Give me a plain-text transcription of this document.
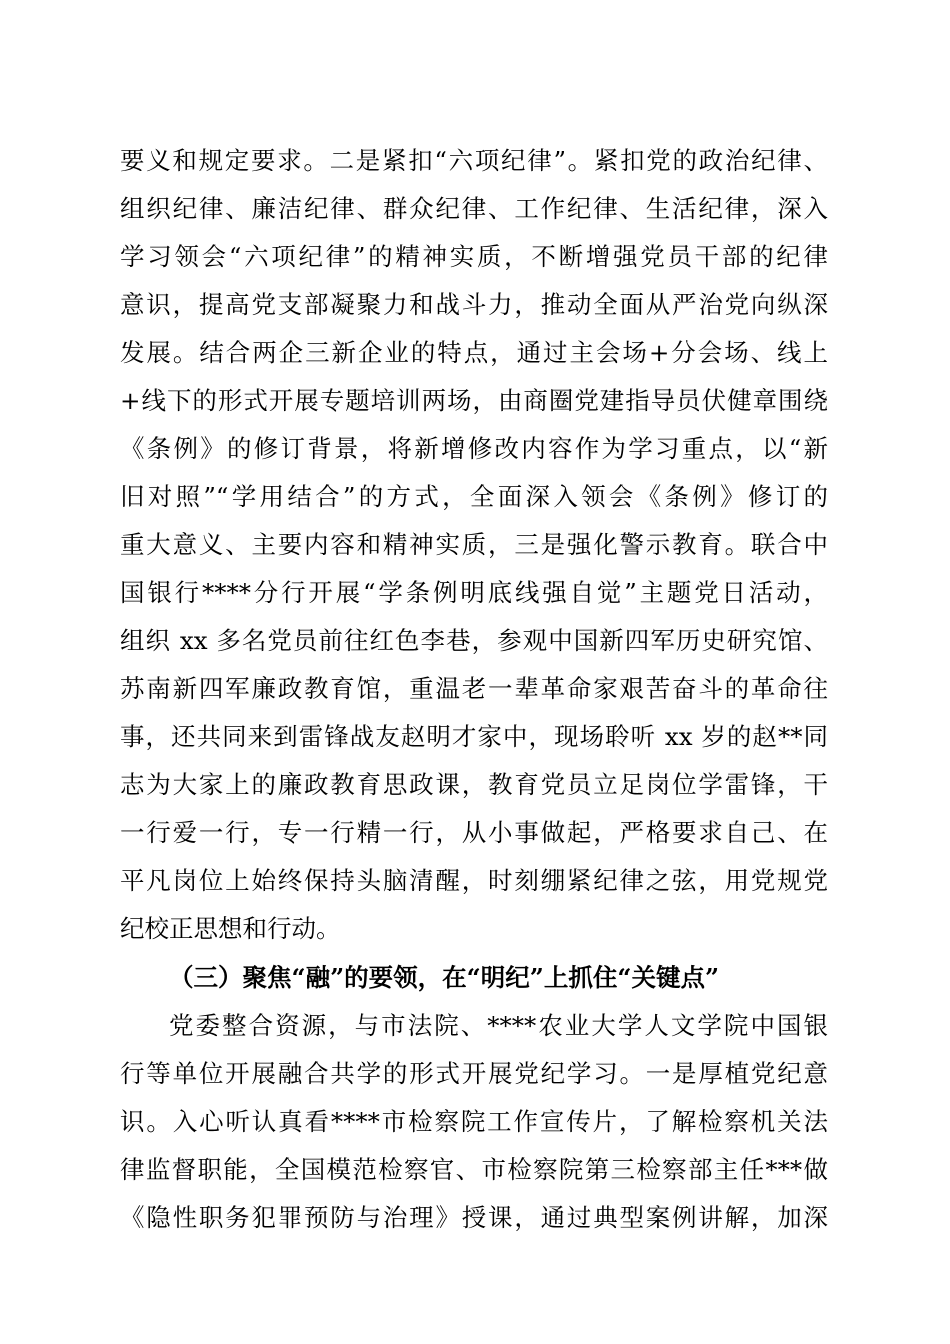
要义和规定要求。二是紧扣“六项纪律”。紧扣党的政治纪律、
组织纪律、廉洁纪律、群众纪律、工作纪律、生活纪律，深入
学习领会“六项纪律”的精神实质，不断增强党员干部的纪律
意识，提高党支部凝聚力和战斗力，推动全面从严治党向纵深
发展。结合两企三新企业的特点，通过主会场+分会场、线上
+线下的形式开展专题培训两场，由商圈党建指导员伏健章围绕
《条例》的修订背景，将新增修改内容作为学习重点，以“新
旧对照”“学用结合”的方式，全面深入领会《条例》修订的
重大意义、主要内容和精神实质，三是强化警示教育。联合中
国银行****分行开展“学条例明底线强自觉”主题党日活动，
组织 xx 多名党员前往红色李巷，参观中国新四军历史研究馆、
苏南新四军廉政教育馆，重温老一辈革命家艰苦奋斗的革命往
事，还共同来到雷锋战友赵明才家中，现场聆听 xx 岁的赵**同
志为大家上的廉政教育思政课，教育党员立足岗位学雷锋，干
一行爱一行，专一行精一行，从小事做起，严格要求自己、在
平凡岗位上始终保持头脑清醒，时刻绷紧纪律之弦，用党规党
纪校正思想和行动。
（三）聚焦“融”的要领，在“明纪”上抓住“关键点”
党委整合资源，与市法院、****农业大学人文学院中国银
行等单位开展融合共学的形式开展党纪学习。一是厚植党纪意
识。入心听认真看****市检察院工作宣传片，了解检察机关法
律监督职能，全国模范检察官、市检察院第三检察部主任***做
《隐性职务犯罪预防与治理》授课，通过典型案例讲解，加深
